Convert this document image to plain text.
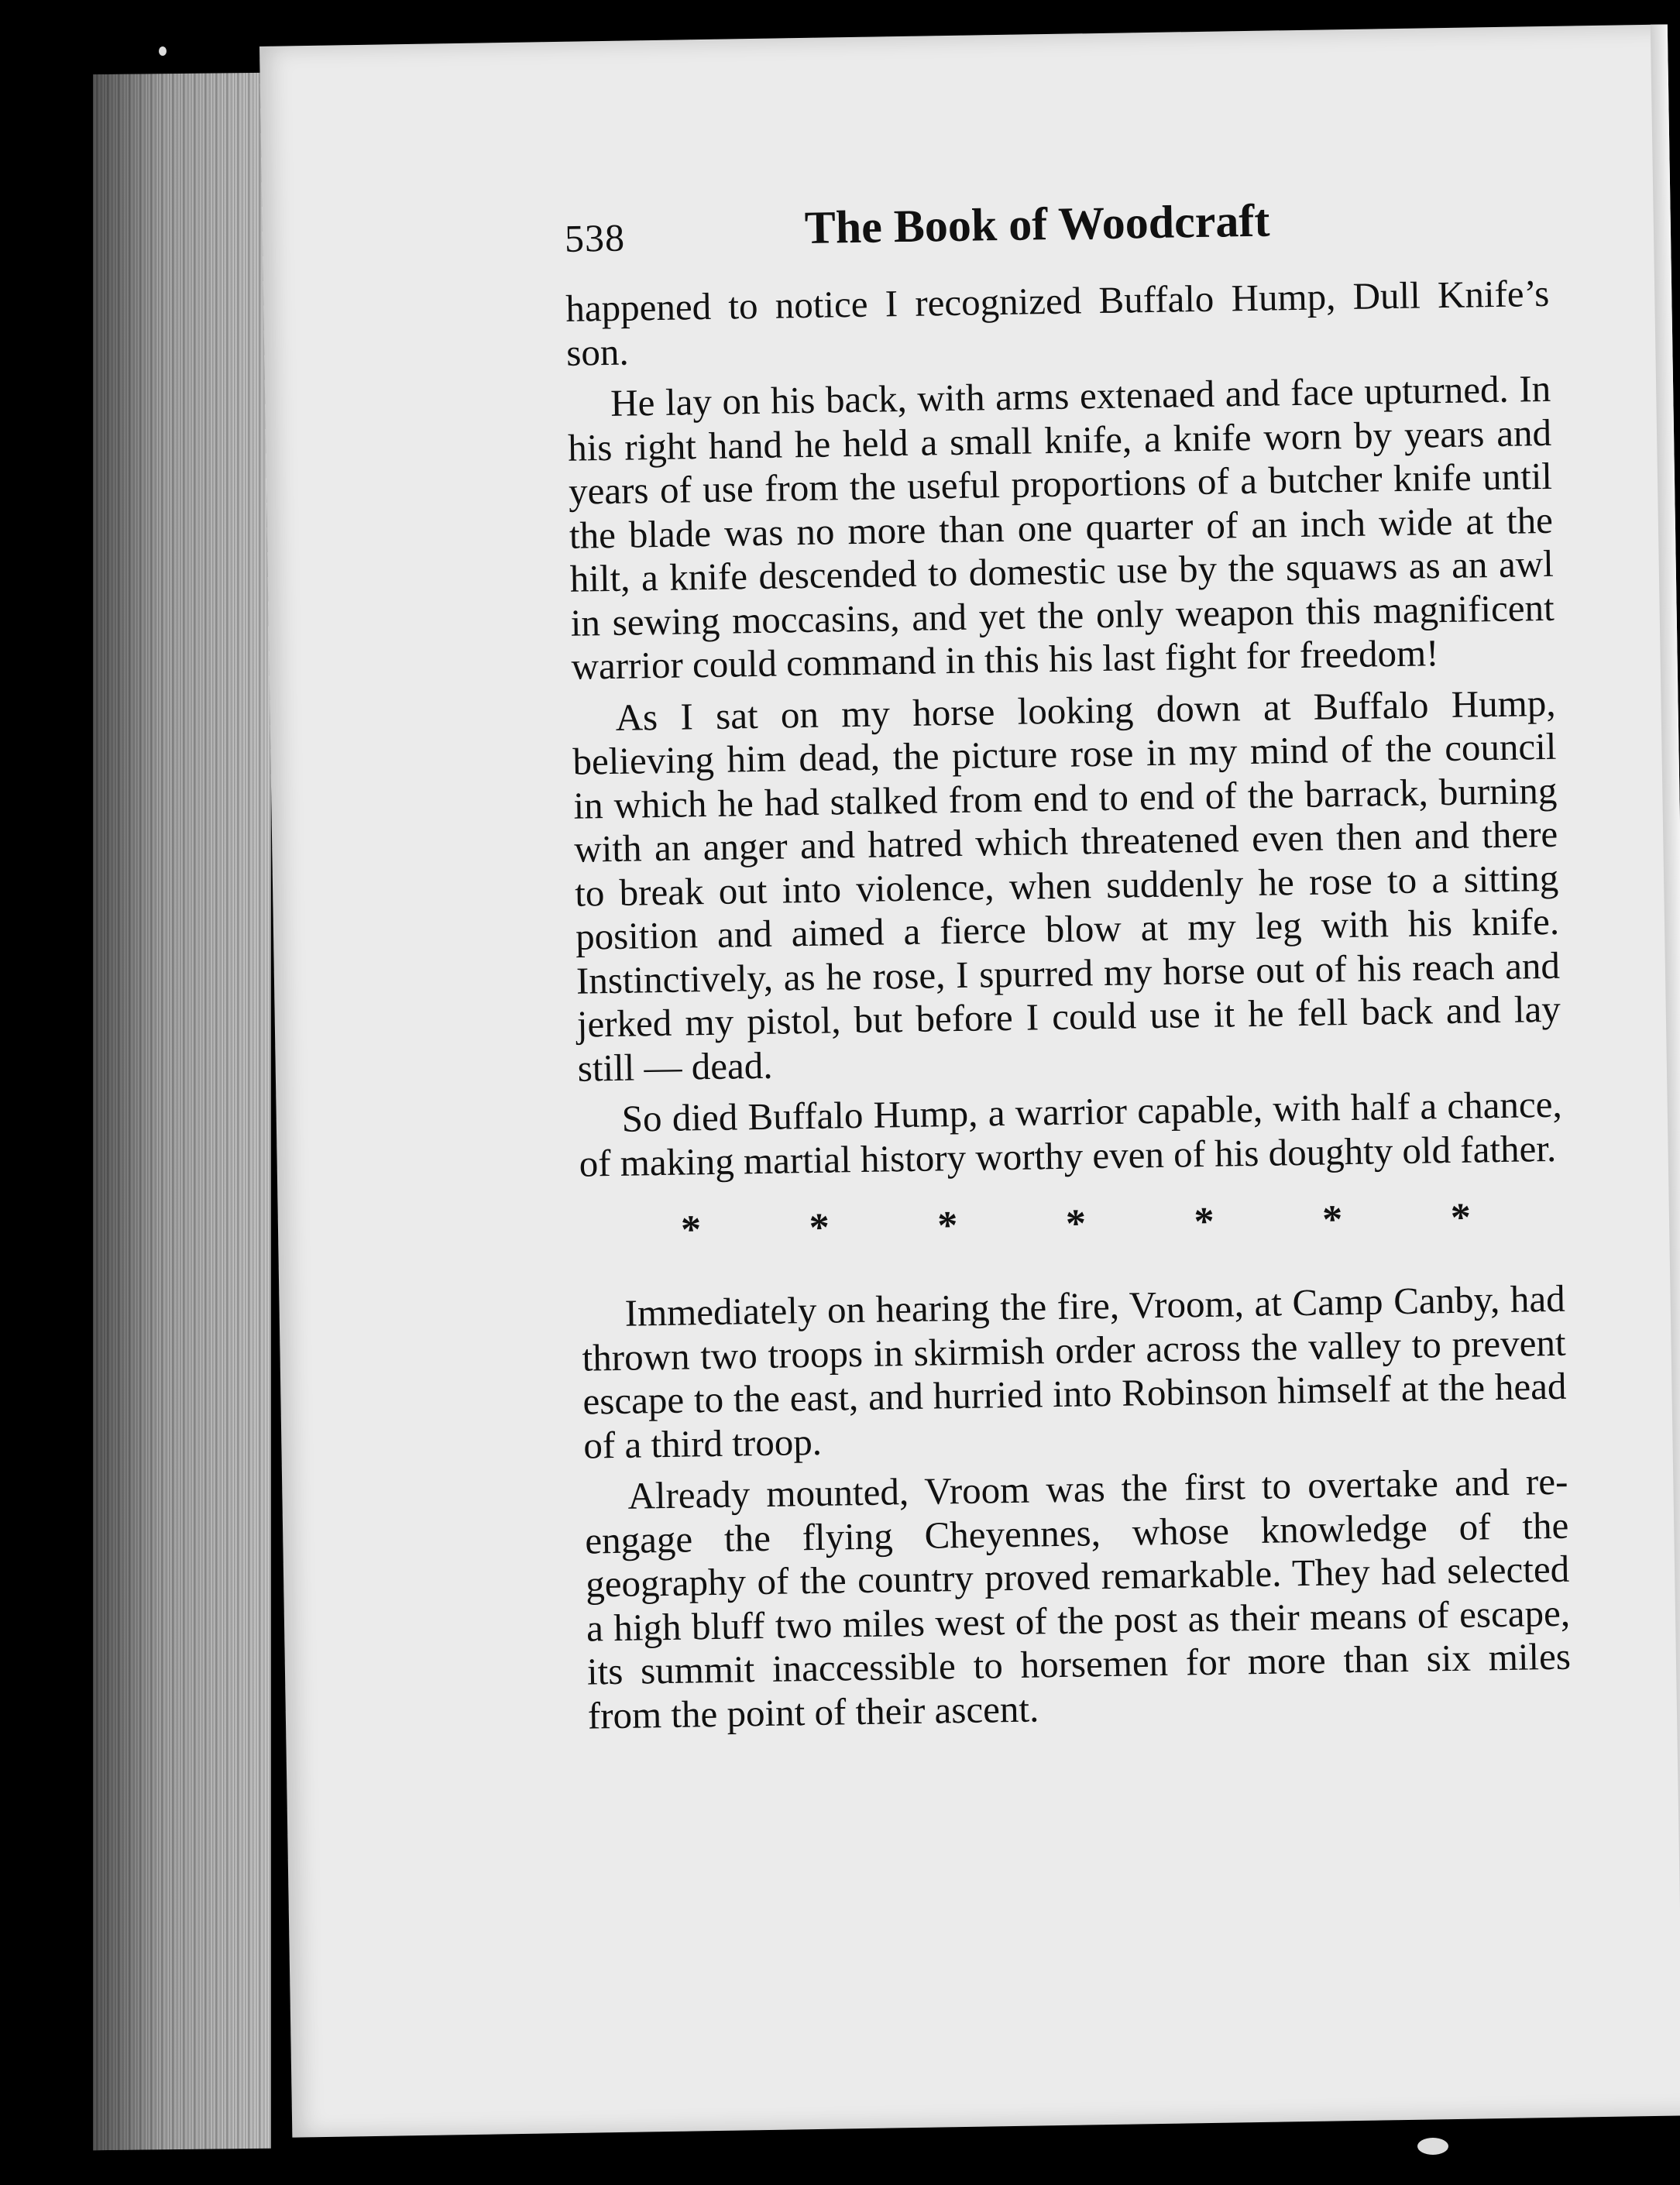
538	The Book of Woodcraft

happened to notice I recognized Buffalo Hump, Dull Knife’s son.

He lay on his back, with arms extenaed and face upturned. In his right hand he held a small knife, a knife worn by years and years of use from the useful proportions of a butcher knife until the blade was no more than one quarter of an inch wide at the hilt, a knife descended to domestic use by the squaws as an awl in sewing moccasins, and yet the only weapon this magnificent warrior could command in this his last fight for freedom!

As I sat on my horse looking down at Buffalo Hump, believing him dead, the picture rose in my mind of the council in which he had stalked from end to end of the barrack, burning with an anger and hatred which threatened even then and there to break out into violence, when suddenly he rose to a sitting position and aimed a fierce blow at my leg with his knife. Instinctively, as he rose, I spurred my horse out of his reach and jerked my pistol, but before I could use it he fell back and lay still — dead.

So died Buffalo Hump, a warrior capable, with half a chance, of making martial history worthy even of his doughty old father.

*	*	*	*	*	*	*

Immediately on hearing the fire, Vroom, at Camp Canby, had thrown two troops in skirmish order across the valley to prevent escape to the east, and hurried into Robinson himself at the head of a third troop.

Already mounted, Vroom was the first to overtake and re-engage the flying Cheyennes, whose knowledge of the geography of the country proved remarkable. They had selected a high bluff two miles west of the post as their means of escape, its summit inaccessible to horsemen for more than six miles from the point of their ascent.
